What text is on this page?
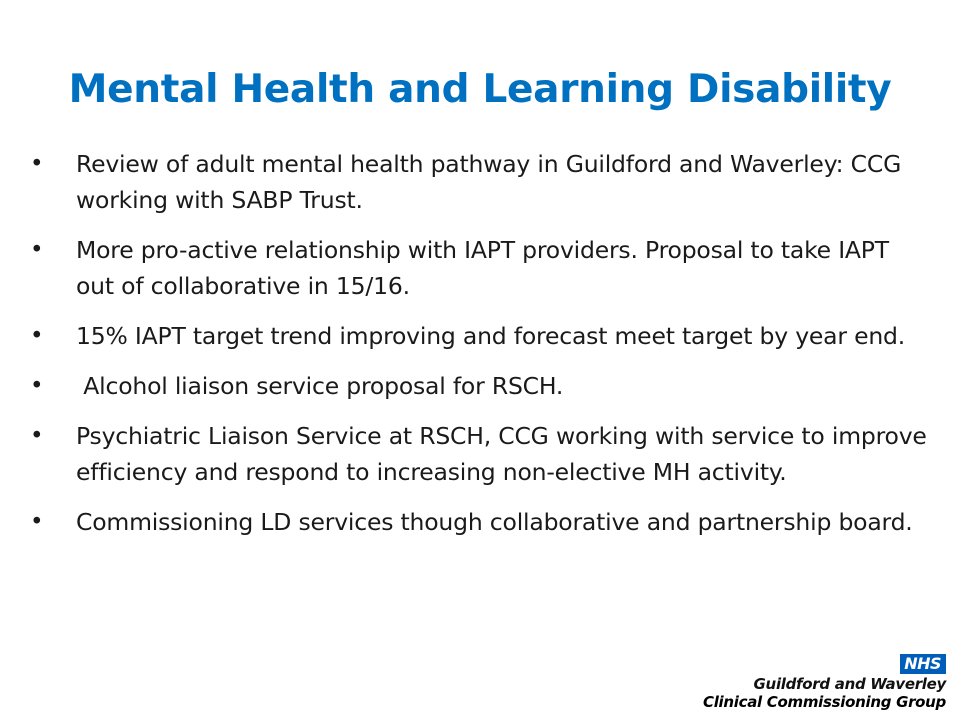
Mental Health and Learning Disability
• Review of adult mental health pathway in Guildford and Waverley: CCG working with SABP Trust.
• More pro-active relationship with IAPT providers. Proposal to take IAPT out of collaborative in 15/16.
• 15% IAPT target trend improving and forecast meet target by year end.
• Alcohol liaison service proposal for RSCH.
• Psychiatric Liaison Service at RSCH, CCG working with service to improve efficiency and respond to increasing non-elective MH activity.
• Commissioning LD services though collaborative and partnership board.
NHS
Guildford and Waverley
Clinical Commissioning Group
